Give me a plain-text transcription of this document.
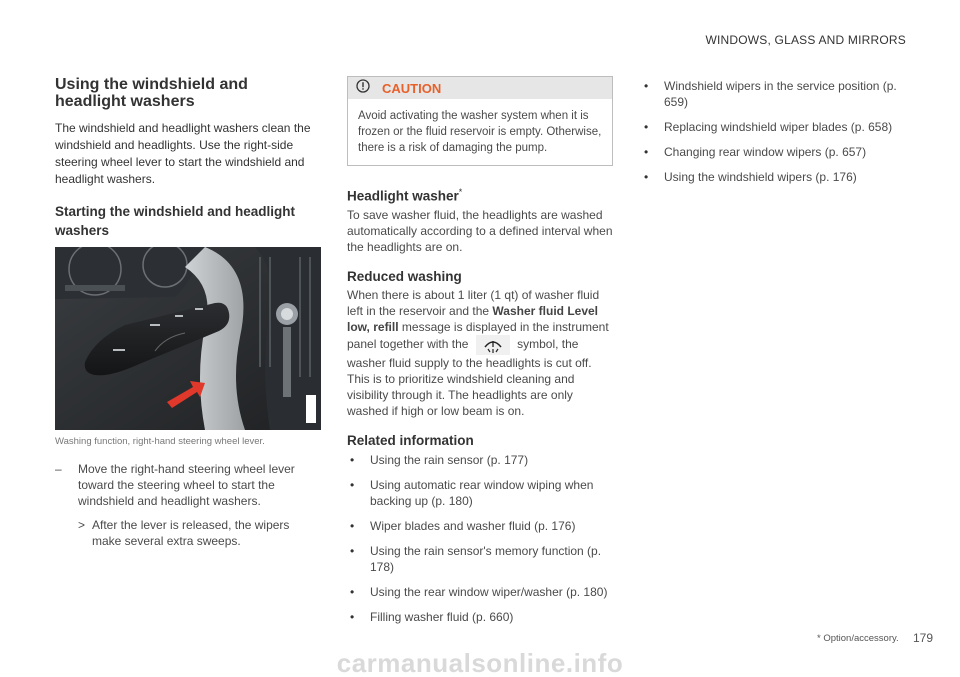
WINDOWS, GLASS AND MIRRORS
Using the windshield and headlight washers

The windshield and headlight washers clean the windshield and headlights. Use the right-side steering wheel lever to start the windshield and headlight washers.

Starting the windshield and headlight washers
Washing function, right-hand steering wheel lever.
– Move the right-hand steering wheel lever toward the steering wheel to start the windshield and headlight washers.
> After the lever is released, the wipers make several extra sweeps.
CAUTION
Avoid activating the washer system when it is frozen or the fluid reservoir is empty. Otherwise, there is a risk of damaging the pump.
Headlight washer*

To save washer fluid, the headlights are washed automatically according to a defined interval when the headlights are on.

Reduced washing

When there is about 1 liter (1 qt) of washer fluid left in the reservoir and the Washer fluid Level low, refill message is displayed in the instrument panel together with the	symbol, the washer fluid supply to the headlights is cut off. This is to prioritize windshield cleaning and visibility through it. The headlights are only washed if high or low beam is on.

Related information
• Using the rain sensor (p. 177)
• Using automatic rear window wiping when backing up (p. 180)
• Wiper blades and washer fluid (p. 176)
• Using the rain sensor's memory function (p. 178)
• Using the rear window wiper/washer (p. 180)
• Filling washer fluid (p. 660)
• Windshield wipers in the service position (p. 659)
• Replacing windshield wiper blades (p. 658)
• Changing rear window wipers (p. 657)
• Using the windshield wipers (p. 176)
* Option/accessory. 179
carmanualsonline.info
